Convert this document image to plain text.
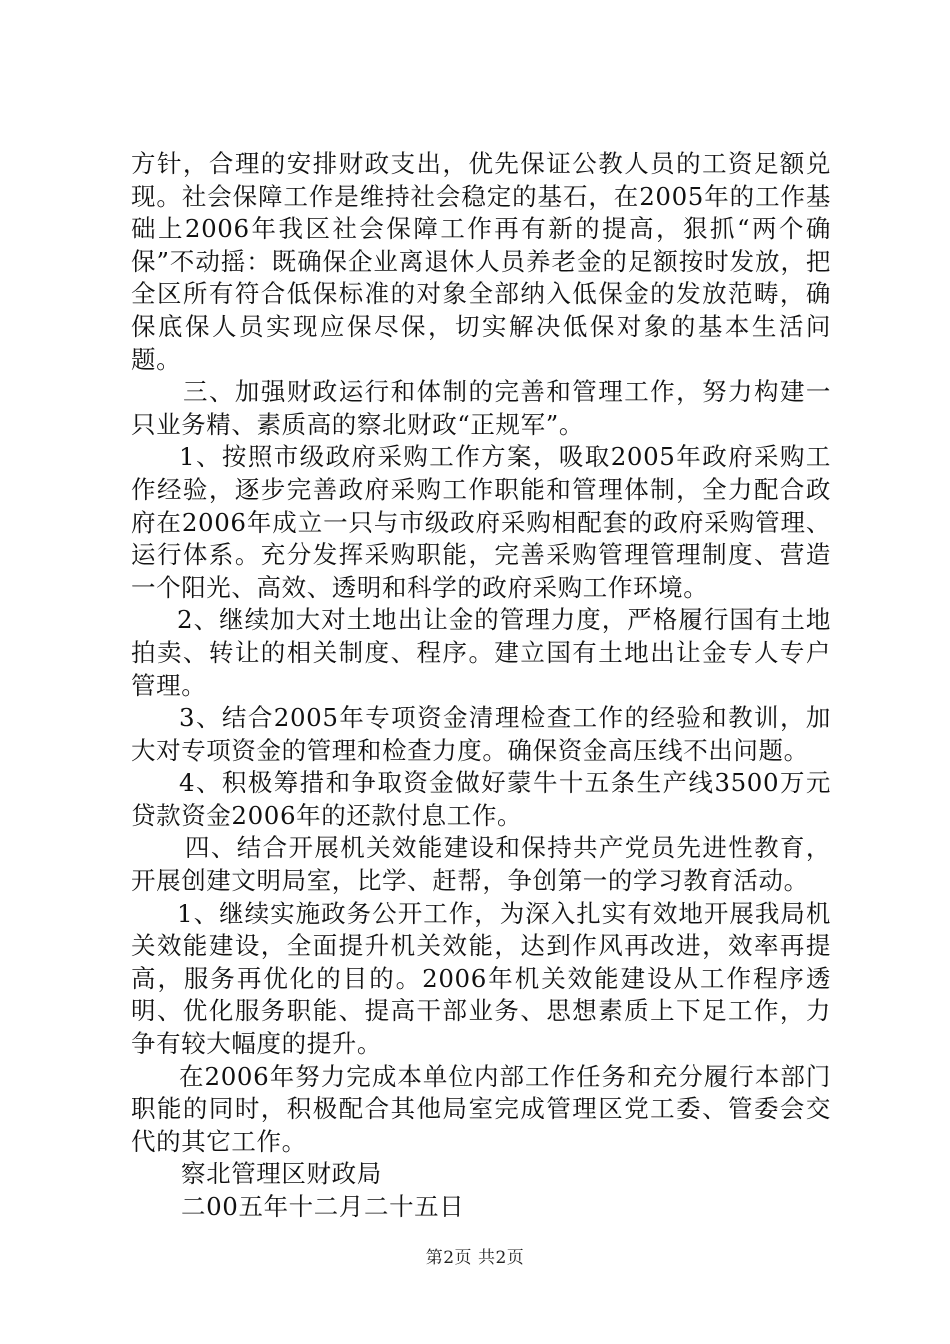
方针，合理的安排财政支出，优先保证公教人员的工资足额兑现。社会保障工作是维持社会稳定的基石，在2005年的工作基础上2006年我区社会保障工作再有新的提高，狠抓“两个确保”不动摇：既确保企业离退休人员养老金的足额按时发放，把全区所有符合低保标准的对象全部纳入低保金的发放范畴，确保底保人员实现应保尽保，切实解决低保对象的基本生活问题。

三、加强财政运行和体制的完善和管理工作，努力构建一只业务精、素质高的察北财政“正规军”。

1、按照市级政府采购工作方案，吸取2005年政府采购工作经验，逐步完善政府采购工作职能和管理体制，全力配合政府在2006年成立一只与市级政府采购相配套的政府采购管理、运行体系。充分发挥采购职能，完善采购管理管理制度、营造一个阳光、高效、透明和科学的政府采购工作环境。

2、继续加大对土地出让金的管理力度，严格履行国有土地拍卖、转让的相关制度、程序。建立国有土地出让金专人专户管理。

3、结合2005年专项资金清理检查工作的经验和教训，加大对专项资金的管理和检查力度。确保资金高压线不出问题。

4、积极筹措和争取资金做好蒙牛十五条生产线3500万元贷款资金2006年的还款付息工作。

四、结合开展机关效能建设和保持共产党员先进性教育，开展创建文明局室，比学、赶帮，争创第一的学习教育活动。

1、继续实施政务公开工作，为深入扎实有效地开展我局机关效能建设，全面提升机关效能，达到作风再改进，效率再提高，服务再优化的目的。2006年机关效能建设从工作程序透明、优化服务职能、提高干部业务、思想素质上下足工作，力争有较大幅度的提升。

在2006年努力完成本单位内部工作任务和充分履行本部门职能的同时，积极配合其他局室完成管理区党工委、管委会交代的其它工作。

察北管理区财政局

二00五年十二月二十五日

第2页 共2页
